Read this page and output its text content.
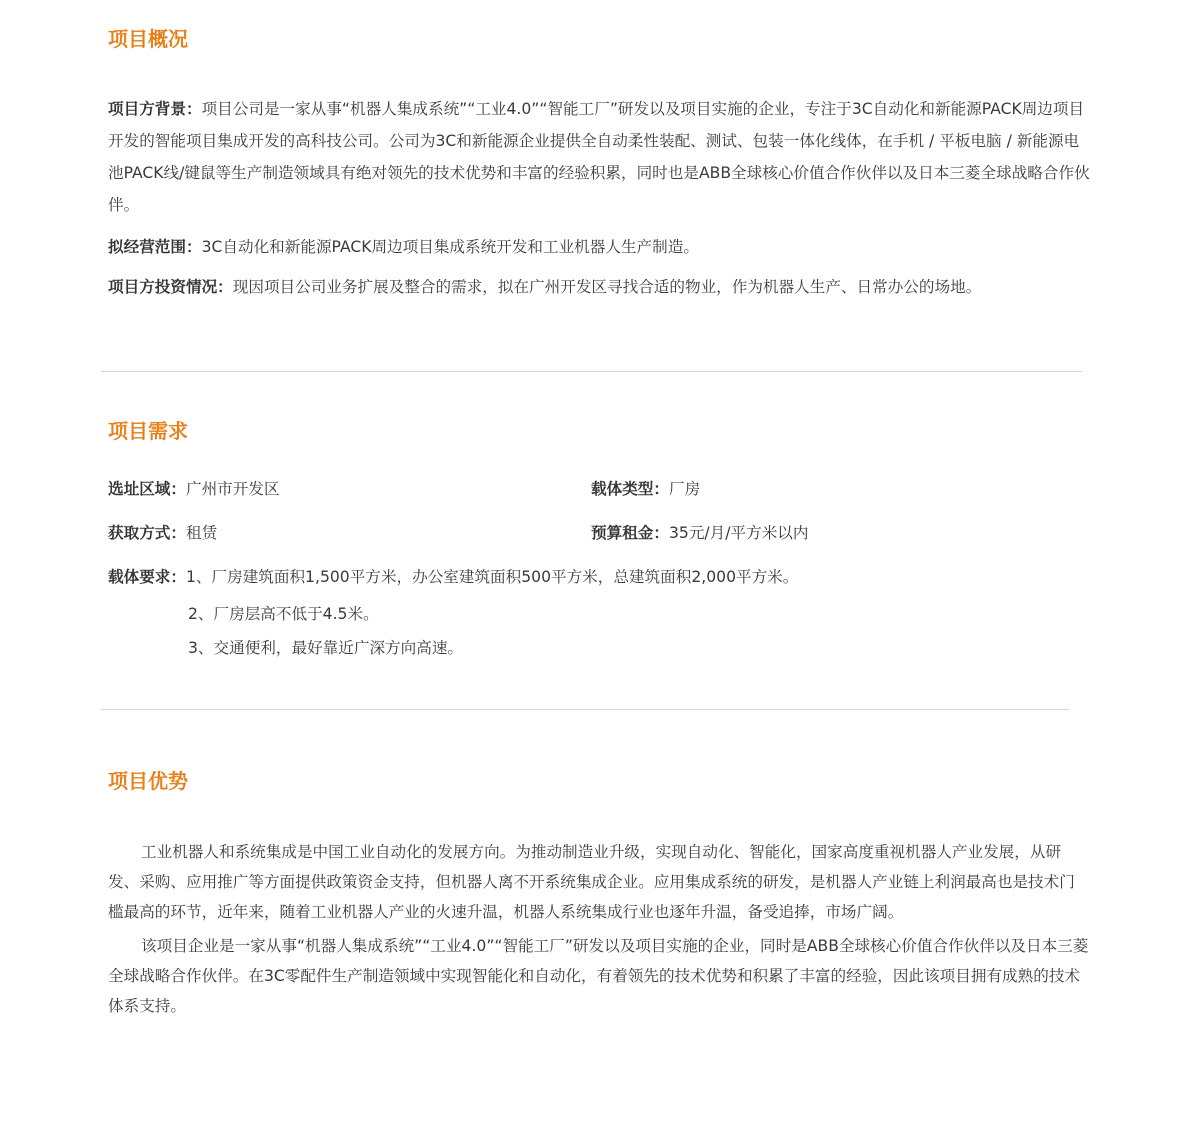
项目概况

项目方背景：项目公司是一家从事“机器人集成系统”“工业4.0”“智能工厂”研发以及项目实施的企业，专注于3C自动化和新能源PACK周边项目开发的智能项目集成开发的高科技公司。公司为3C和新能源企业提供全自动柔性装配、测试、包装一体化线体，在手机 / 平板电脑 / 新能源电池PACK线/键鼠等生产制造领域具有绝对领先的技术优势和丰富的经验积累，同时也是ABB全球核心价值合作伙伴以及日本三菱全球战略合作伙伴。

拟经营范围：3C自动化和新能源PACK周边项目集成系统开发和工业机器人生产制造。

项目方投资情况：现因项目公司业务扩展及整合的需求，拟在广州开发区寻找合适的物业，作为机器人生产、日常办公的场地。

项目需求

选址区域：广州市开发区	载体类型：厂房

获取方式：租赁	预算租金：35元/月/平方米以内

载体要求：1、厂房建筑面积1,500平方米，办公室建筑面积500平方米，总建筑面积2,000平方米。

2、厂房层高不低于4.5米。

3、交通便利，最好靠近广深方向高速。

项目优势

工业机器人和系统集成是中国工业自动化的发展方向。为推动制造业升级，实现自动化、智能化，国家高度重视机器人产业发展，从研发、采购、应用推广等方面提供政策资金支持，但机器人离不开系统集成企业。应用集成系统的研发，是机器人产业链上利润最高也是技术门槛最高的环节，近年来，随着工业机器人产业的火速升温，机器人系统集成行业也逐年升温，备受追捧，市场广阔。

该项目企业是一家从事“机器人集成系统”“工业4.0”“智能工厂”研发以及项目实施的企业，同时是ABB全球核心价值合作伙伴以及日本三菱全球战略合作伙伴。在3C零配件生产制造领域中实现智能化和自动化，有着领先的技术优势和积累了丰富的经验，因此该项目拥有成熟的技术体系支持。
